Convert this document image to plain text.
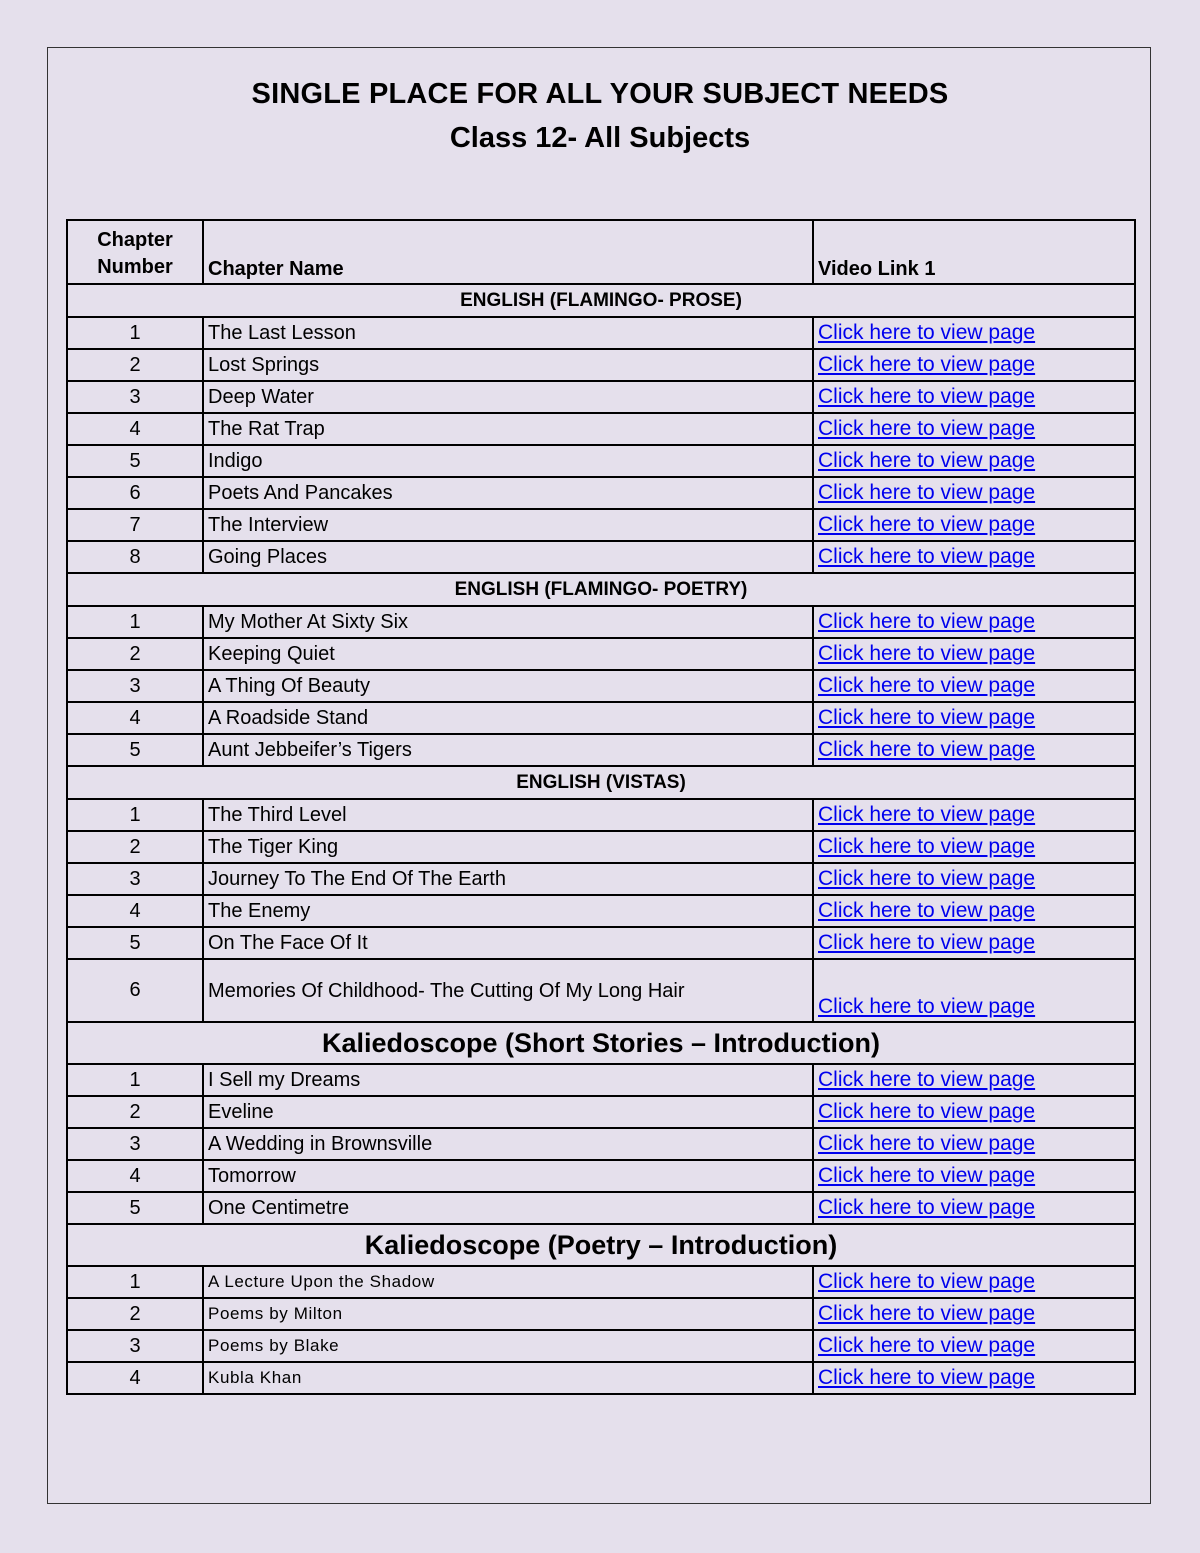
SINGLE PLACE FOR ALL YOUR SUBJECT NEEDS
Class 12- All Subjects
Chapter Number	Chapter Name	Video Link 1
ENGLISH (FLAMINGO- PROSE)		
1	The Last Lesson	Click here to view page
2	Lost Springs	Click here to view page
3	Deep Water	Click here to view page
4	The Rat Trap	Click here to view page
5	Indigo	Click here to view page
6	Poets And Pancakes	Click here to view page
7	The Interview	Click here to view page
8	Going Places	Click here to view page
ENGLISH (FLAMINGO- POETRY)		
1	My Mother At Sixty Six	Click here to view page
2	Keeping Quiet	Click here to view page
3	A Thing Of Beauty	Click here to view page
4	A Roadside Stand	Click here to view page
5	Aunt Jebbeifer’s Tigers	Click here to view page
ENGLISH (VISTAS)		
1	The Third Level	Click here to view page
2	The Tiger King	Click here to view page
3	Journey To The End Of The Earth	Click here to view page
4	The Enemy	Click here to view page
5	On The Face Of It	Click here to view page
6	Memories Of Childhood- The Cutting Of My Long Hair	Click here to view page
Kaliedoscope (Short Stories – Introduction)		
1	I Sell my Dreams	Click here to view page
2	Eveline	Click here to view page
3	A Wedding in Brownsville	Click here to view page
4	Tomorrow	Click here to view page
5	One Centimetre	Click here to view page
Kaliedoscope (Poetry – Introduction)		
1	A Lecture Upon the Shadow	Click here to view page
2	Poems by Milton	Click here to view page
3	Poems by Blake	Click here to view page
4	Kubla Khan	Click here to view page
